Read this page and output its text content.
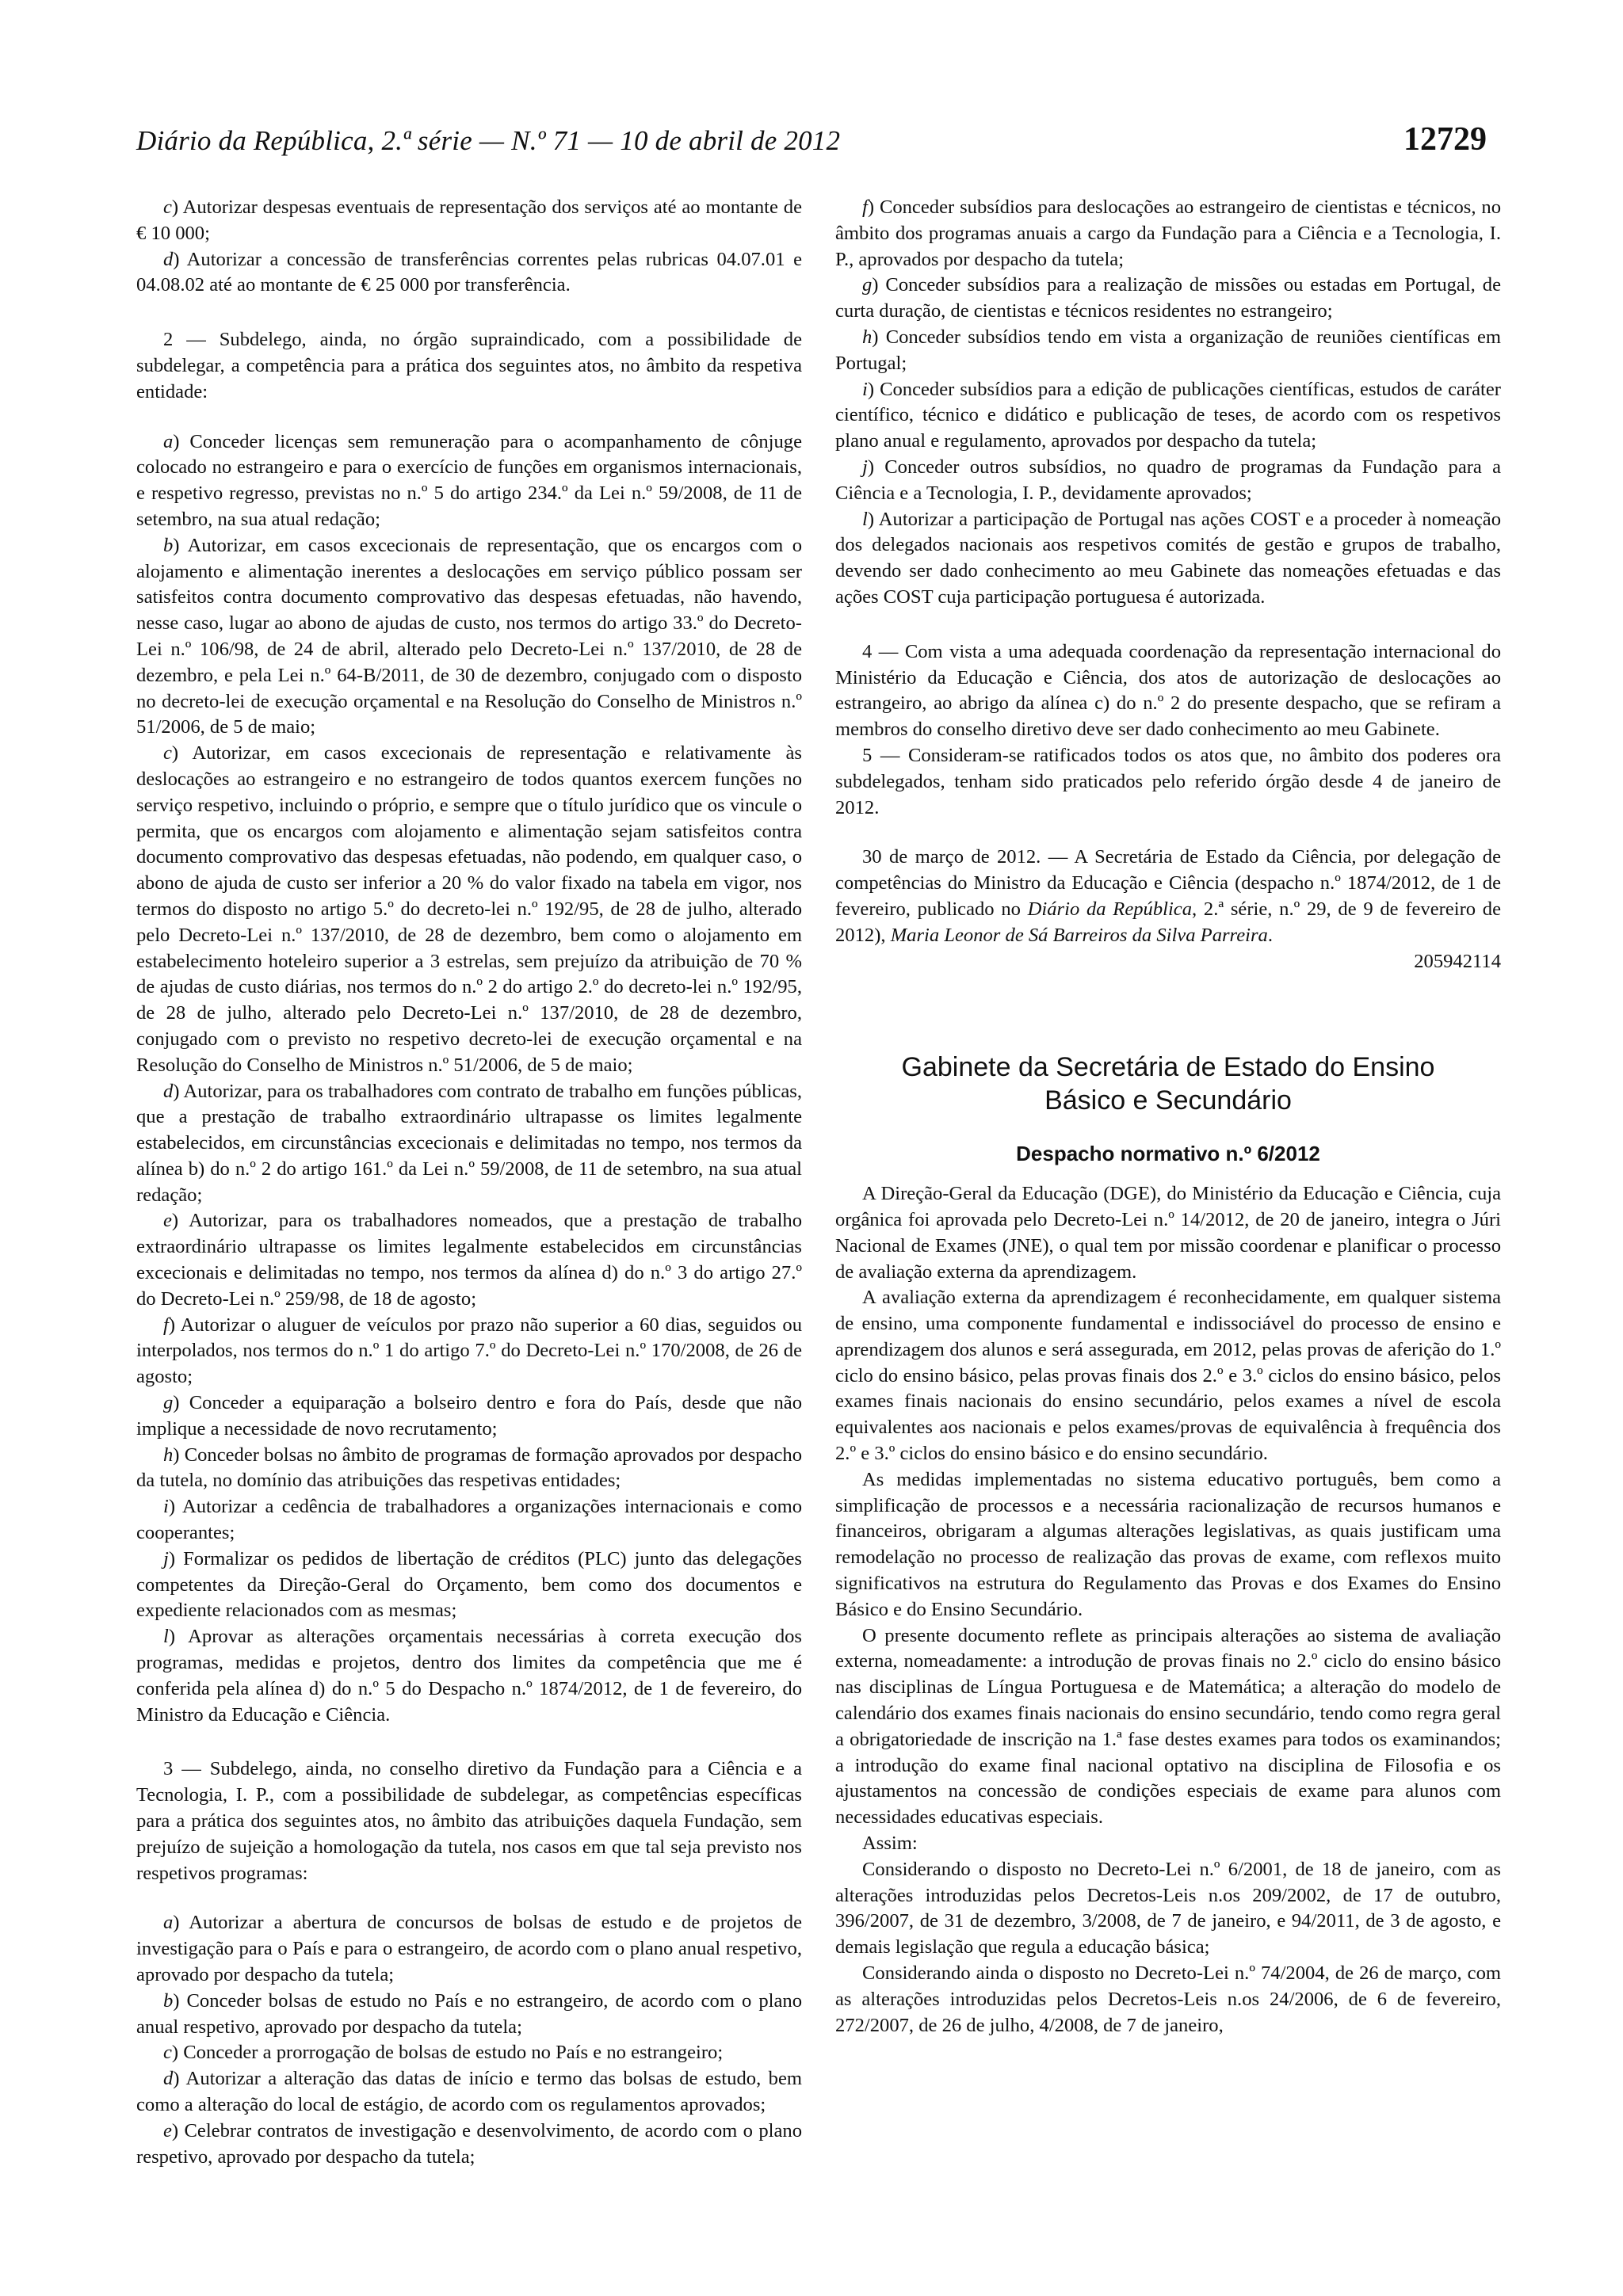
Diário da República, 2.ª série — N.º 71 — 10 de abril de 2012	12729

c) Autorizar despesas eventuais de representação dos serviços até ao montante de € 10 000;

d) Autorizar a concessão de transferências correntes pelas rubricas 04.07.01 e 04.08.02 até ao montante de € 25 000 por transferência.

2 — Subdelego, ainda, no órgão supraindicado, com a possibilidade de subdelegar, a competência para a prática dos seguintes atos, no âmbito da respetiva entidade:

a) Conceder licenças sem remuneração para o acompanhamento de cônjuge colocado no estrangeiro e para o exercício de funções em organismos internacionais, e respetivo regresso, previstas no n.º 5 do artigo 234.º da Lei n.º 59/2008, de 11 de setembro, na sua atual redação;

b) Autorizar, em casos excecionais de representação, que os encargos com o alojamento e alimentação inerentes a deslocações em serviço público possam ser satisfeitos contra documento comprovativo das despesas efetuadas, não havendo, nesse caso, lugar ao abono de ajudas de custo, nos termos do artigo 33.º do Decreto-Lei n.º 106/98, de 24 de abril, alterado pelo Decreto-Lei n.º 137/2010, de 28 de dezembro, e pela Lei n.º 64-B/2011, de 30 de dezembro, conjugado com o disposto no decreto-lei de execução orçamental e na Resolução do Conselho de Ministros n.º 51/2006, de 5 de maio;

c) Autorizar, em casos excecionais de representação e relativamente às deslocações ao estrangeiro e no estrangeiro de todos quantos exercem funções no serviço respetivo, incluindo o próprio, e sempre que o título jurídico que os vincule o permita, que os encargos com alojamento e alimentação sejam satisfeitos contra documento comprovativo das despesas efetuadas, não podendo, em qualquer caso, o abono de ajuda de custo ser inferior a 20 % do valor fixado na tabela em vigor, nos termos do disposto no artigo 5.º do decreto-lei n.º 192/95, de 28 de julho, alterado pelo Decreto-Lei n.º 137/2010, de 28 de dezembro, bem como o alojamento em estabelecimento hoteleiro superior a 3 estrelas, sem prejuízo da atribuição de 70 % de ajudas de custo diárias, nos termos do n.º 2 do artigo 2.º do decreto-lei n.º 192/95, de 28 de julho, alterado pelo Decreto-Lei n.º 137/2010, de 28 de dezembro, conjugado com o previsto no respetivo decreto-lei de execução orçamental e na Resolução do Conselho de Ministros n.º 51/2006, de 5 de maio;

d) Autorizar, para os trabalhadores com contrato de trabalho em funções públicas, que a prestação de trabalho extraordinário ultrapasse os limites legalmente estabelecidos, em circunstâncias excecionais e delimitadas no tempo, nos termos da alínea b) do n.º 2 do artigo 161.º da Lei n.º 59/2008, de 11 de setembro, na sua atual redação;

e) Autorizar, para os trabalhadores nomeados, que a prestação de trabalho extraordinário ultrapasse os limites legalmente estabelecidos em circunstâncias excecionais e delimitadas no tempo, nos termos da alínea d) do n.º 3 do artigo 27.º do Decreto-Lei n.º 259/98, de 18 de agosto;

f) Autorizar o aluguer de veículos por prazo não superior a 60 dias, seguidos ou interpolados, nos termos do n.º 1 do artigo 7.º do Decreto-Lei n.º 170/2008, de 26 de agosto;

g) Conceder a equiparação a bolseiro dentro e fora do País, desde que não implique a necessidade de novo recrutamento;

h) Conceder bolsas no âmbito de programas de formação aprovados por despacho da tutela, no domínio das atribuições das respetivas entidades;

i) Autorizar a cedência de trabalhadores a organizações internacionais e como cooperantes;

j) Formalizar os pedidos de libertação de créditos (PLC) junto das delegações competentes da Direção-Geral do Orçamento, bem como dos documentos e expediente relacionados com as mesmas;

l) Aprovar as alterações orçamentais necessárias à correta execução dos programas, medidas e projetos, dentro dos limites da competência que me é conferida pela alínea d) do n.º 5 do Despacho n.º 1874/2012, de 1 de fevereiro, do Ministro da Educação e Ciência.

3 — Subdelego, ainda, no conselho diretivo da Fundação para a Ciência e a Tecnologia, I. P., com a possibilidade de subdelegar, as competências específicas para a prática dos seguintes atos, no âmbito das atribuições daquela Fundação, sem prejuízo de sujeição a homologação da tutela, nos casos em que tal seja previsto nos respetivos programas:

a) Autorizar a abertura de concursos de bolsas de estudo e de projetos de investigação para o País e para o estrangeiro, de acordo com o plano anual respetivo, aprovado por despacho da tutela;

b) Conceder bolsas de estudo no País e no estrangeiro, de acordo com o plano anual respetivo, aprovado por despacho da tutela;

c) Conceder a prorrogação de bolsas de estudo no País e no estrangeiro;

d) Autorizar a alteração das datas de início e termo das bolsas de estudo, bem como a alteração do local de estágio, de acordo com os regulamentos aprovados;

e) Celebrar contratos de investigação e desenvolvimento, de acordo com o plano respetivo, aprovado por despacho da tutela;

f) Conceder subsídios para deslocações ao estrangeiro de cientistas e técnicos, no âmbito dos programas anuais a cargo da Fundação para a Ciência e a Tecnologia, I. P., aprovados por despacho da tutela;

g) Conceder subsídios para a realização de missões ou estadas em Portugal, de curta duração, de cientistas e técnicos residentes no estrangeiro;

h) Conceder subsídios tendo em vista a organização de reuniões científicas em Portugal;

i) Conceder subsídios para a edição de publicações científicas, estudos de caráter científico, técnico e didático e publicação de teses, de acordo com os respetivos plano anual e regulamento, aprovados por despacho da tutela;

j) Conceder outros subsídios, no quadro de programas da Fundação para a Ciência e a Tecnologia, I. P., devidamente aprovados;

l) Autorizar a participação de Portugal nas ações COST e a proceder à nomeação dos delegados nacionais aos respetivos comités de gestão e grupos de trabalho, devendo ser dado conhecimento ao meu Gabinete das nomeações efetuadas e das ações COST cuja participação portuguesa é autorizada.

4 — Com vista a uma adequada coordenação da representação internacional do Ministério da Educação e Ciência, dos atos de autorização de deslocações ao estrangeiro, ao abrigo da alínea c) do n.º 2 do presente despacho, que se refiram a membros do conselho diretivo deve ser dado conhecimento ao meu Gabinete.

5 — Consideram-se ratificados todos os atos que, no âmbito dos poderes ora subdelegados, tenham sido praticados pelo referido órgão desde 4 de janeiro de 2012.

30 de março de 2012. — A Secretária de Estado da Ciência, por delegação de competências do Ministro da Educação e Ciência (despacho n.º 1874/2012, de 1 de fevereiro, publicado no Diário da República, 2.ª série, n.º 29, de 9 de fevereiro de 2012), Maria Leonor de Sá Barreiros da Silva Parreira.

205942114

Gabinete da Secretária de Estado do Ensino
Básico e Secundário
Despacho normativo n.º 6/2012

A Direção-Geral da Educação (DGE), do Ministério da Educação e Ciência, cuja orgânica foi aprovada pelo Decreto-Lei n.º 14/2012, de 20 de janeiro, integra o Júri Nacional de Exames (JNE), o qual tem por missão coordenar e planificar o processo de avaliação externa da aprendizagem.

A avaliação externa da aprendizagem é reconhecidamente, em qualquer sistema de ensino, uma componente fundamental e indissociável do processo de ensino e aprendizagem dos alunos e será assegurada, em 2012, pelas provas de aferição do 1.º ciclo do ensino básico, pelas provas finais dos 2.º e 3.º ciclos do ensino básico, pelos exames finais nacionais do ensino secundário, pelos exames a nível de escola equivalentes aos nacionais e pelos exames/provas de equivalência à frequência dos 2.º e 3.º ciclos do ensino básico e do ensino secundário.

As medidas implementadas no sistema educativo português, bem como a simplificação de processos e a necessária racionalização de recursos humanos e financeiros, obrigaram a algumas alterações legislativas, as quais justificam uma remodelação no processo de realização das provas de exame, com reflexos muito significativos na estrutura do Regulamento das Provas e dos Exames do Ensino Básico e do Ensino Secundário.

O presente documento reflete as principais alterações ao sistema de avaliação externa, nomeadamente: a introdução de provas finais no 2.º ciclo do ensino básico nas disciplinas de Língua Portuguesa e de Matemática; a alteração do modelo de calendário dos exames finais nacionais do ensino secundário, tendo como regra geral a obrigatoriedade de inscrição na 1.ª fase destes exames para todos os examinandos; a introdução do exame final nacional optativo na disciplina de Filosofia e os ajustamentos na concessão de condições especiais de exame para alunos com necessidades educativas especiais.

Assim:

Considerando o disposto no Decreto-Lei n.º 6/2001, de 18 de janeiro, com as alterações introduzidas pelos Decretos-Leis n.os 209/2002, de 17 de outubro, 396/2007, de 31 de dezembro, 3/2008, de 7 de janeiro, e 94/2011, de 3 de agosto, e demais legislação que regula a educação básica;

Considerando ainda o disposto no Decreto-Lei n.º 74/2004, de 26 de março, com as alterações introduzidas pelos Decretos-Leis n.os 24/2006, de 6 de fevereiro, 272/2007, de 26 de julho, 4/2008, de 7 de janeiro,
